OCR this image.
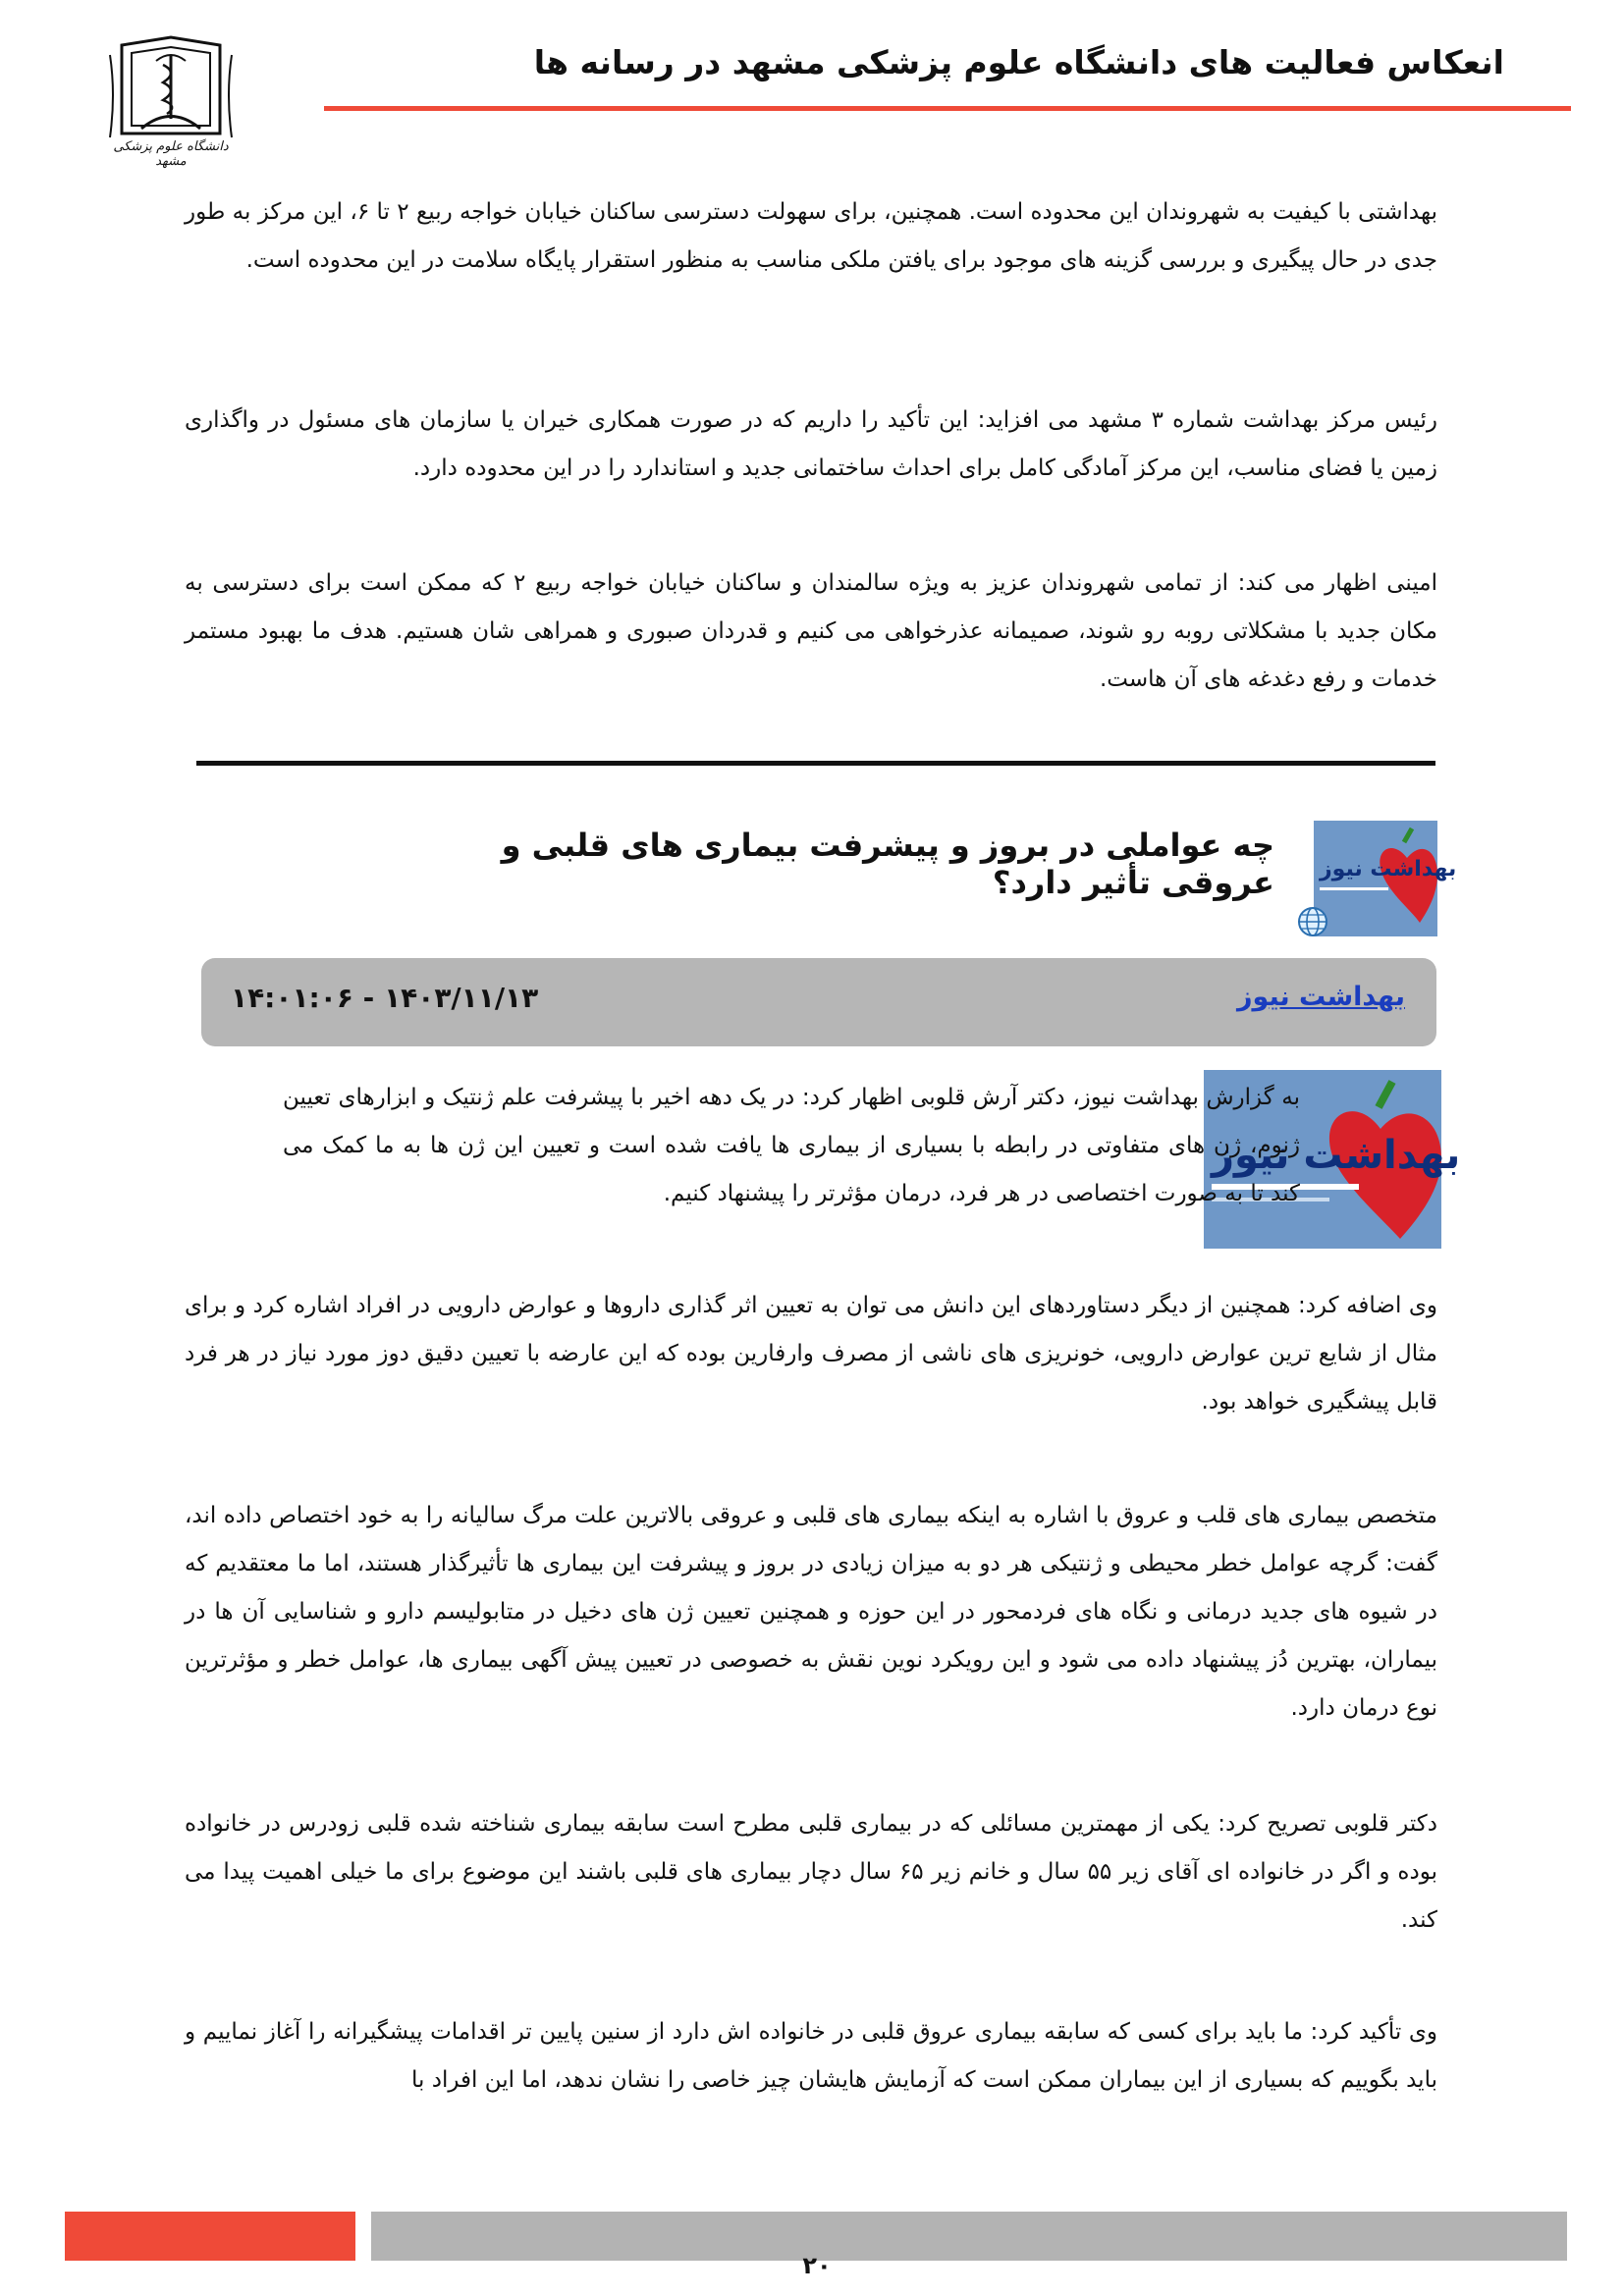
انعکاس فعالیت های دانشگاه علوم پزشکی مشهد در رسانه ها
دانشگاه علوم پزشکی مشهد

بهداشتی با کیفیت به شهروندان این محدوده است. همچنین، برای سهولت دسترسی ساکنان خیابان خواجه ربیع ۲ تا ۶، این مرکز به طور جدی در حال پیگیری و بررسی گزینه های موجود برای یافتن ملکی مناسب به منظور استقرار پایگاه سلامت در این محدوده است.

رئیس مرکز بهداشت شماره ۳ مشهد می افزاید: این تأکید را داریم که در صورت همکاری خیران یا سازمان های مسئول در واگذاری زمین یا فضای مناسب، این مرکز آمادگی کامل برای احداث ساختمانی جدید و استاندارد را در این محدوده دارد.

امینی اظهار می کند: از تمامی شهروندان عزیز به ویژه سالمندان و ساکنان خیابان خواجه ربیع ۲ که ممکن است برای دسترسی به مکان جدید با مشکلاتی روبه رو شوند، صمیمانه عذرخواهی می کنیم و قدردان صبوری و همراهی شان هستیم. هدف ما بهبود مستمر خدمات و رفع دغدغه های آن هاست.

چه عواملی در بروز و پیشرفت بیماری های قلبی و عروقی تأثیر دارد؟ بهداشت نیوز
بهداشت نیوز
۱۴۰۳/۱۱/۱۳ - ۱۴:۰۱:۰۶
بهداشت نیوز

به گزارش بهداشت نیوز، دکتر آرش قلوبی اظهار کرد: در یک دهه اخیر با پیشرفت علم ژنتیک و ابزارهای تعیین ژنوم، ژن های متفاوتی در رابطه با بسیاری از بیماری ها یافت شده است و تعیین این ژن ها به ما کمک می کند تا به صورت اختصاصی در هر فرد، درمان مؤثرتر را پیشنهاد کنیم.

وی اضافه کرد: همچنین از دیگر دستاوردهای این دانش می توان به تعیین اثر گذاری داروها و عوارض دارویی در افراد اشاره کرد و برای مثال از شایع ترین عوارض دارویی، خونریزی های ناشی از مصرف وارفارین بوده که این عارضه با تعیین دقیق دوز مورد نیاز در هر فرد قابل پیشگیری خواهد بود.

متخصص بیماری های قلب و عروق با اشاره به اینکه بیماری های قلبی و عروقی بالاترین علت مرگ سالیانه را به خود اختصاص داده اند، گفت: گرچه عوامل خطر محیطی و ژنتیکی هر دو به میزان زیادی در بروز و پیشرفت این بیماری ها تأثیرگذار هستند، اما ما معتقدیم که در شیوه های جدید درمانی و نگاه های فردمحور در این حوزه و همچنین تعیین ژن های دخیل در متابولیسم دارو و شناسایی آن ها در بیماران، بهترین دُز پیشنهاد داده می شود و این رویکرد نوین نقش به خصوصی در تعیین پیش آگهی بیماری ها، عوامل خطر و مؤثرترین نوع درمان دارد.

دکتر قلوبی تصریح کرد: یکی از مهمترین مسائلی که در بیماری قلبی مطرح است سابقه بیماری شناخته شده قلبی زودرس در خانواده بوده و اگر در خانواده ای آقای زیر ۵۵ سال و خانم زیر ۶۵ سال دچار بیماری های قلبی باشند این موضوع برای ما خیلی اهمیت پیدا می کند.

وی تأکید کرد: ما باید برای کسی که سابقه بیماری عروق قلبی در خانواده اش دارد از سنین پایین تر اقدامات پیشگیرانه را آغاز نماییم و باید بگوییم که بسیاری از این بیماران ممکن است که آزمایش هایشان چیز خاصی را نشان ندهد، اما این افراد با

۲۰
